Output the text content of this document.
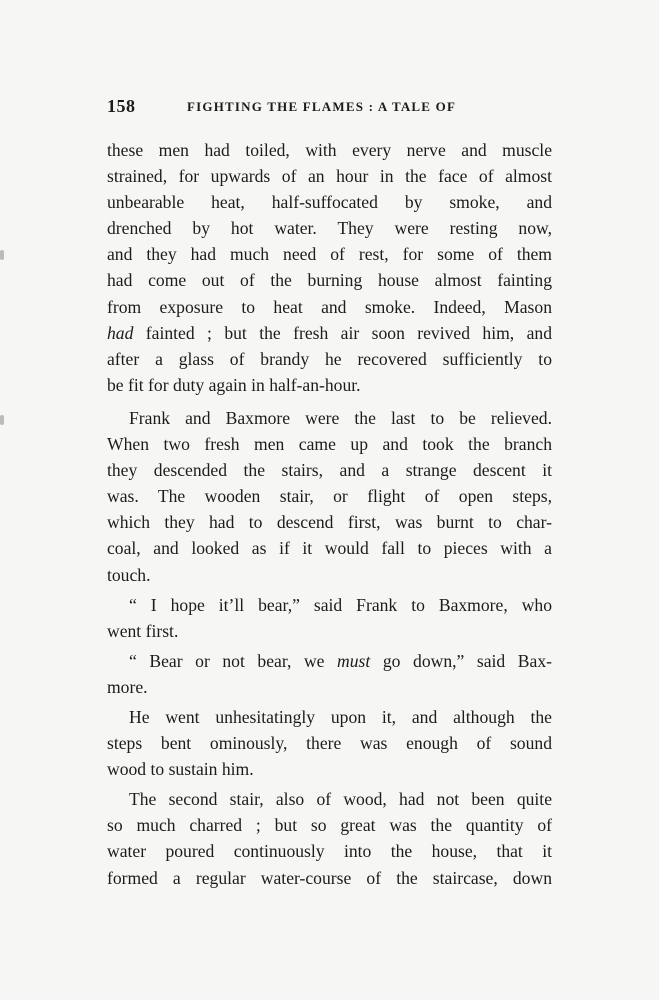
158	FIGHTING THE FLAMES : A TALE OF
these men had toiled, with every nerve and muscle
strained, for upwards of an hour in the face of almost
unbearable heat, half-suffocated by smoke, and
drenched by hot water. They were resting now,
and they had much need of rest, for some of them
had come out of the burning house almost fainting
from exposure to heat and smoke. Indeed, Mason
had fainted ; but the fresh air soon revived him, and
after a glass of brandy he recovered sufficiently to
be fit for duty again in half-an-hour.
Frank and Baxmore were the last to be relieved.
When two fresh men came up and took the branch
they descended the stairs, and a strange descent it
was. The wooden stair, or flight of open steps,
which they had to descend first, was burnt to char-
coal, and looked as if it would fall to pieces with a
touch.
“ I hope it’ll bear,” said Frank to Baxmore, who
went first.
“ Bear or not bear, we must go down,” said Bax-
more.
He went unhesitatingly upon it, and although the
steps bent ominously, there was enough of sound
wood to sustain him.
The second stair, also of wood, had not been quite
so much charred ; but so great was the quantity of
water poured continuously into the house, that it
formed a regular water-course of the staircase, down
